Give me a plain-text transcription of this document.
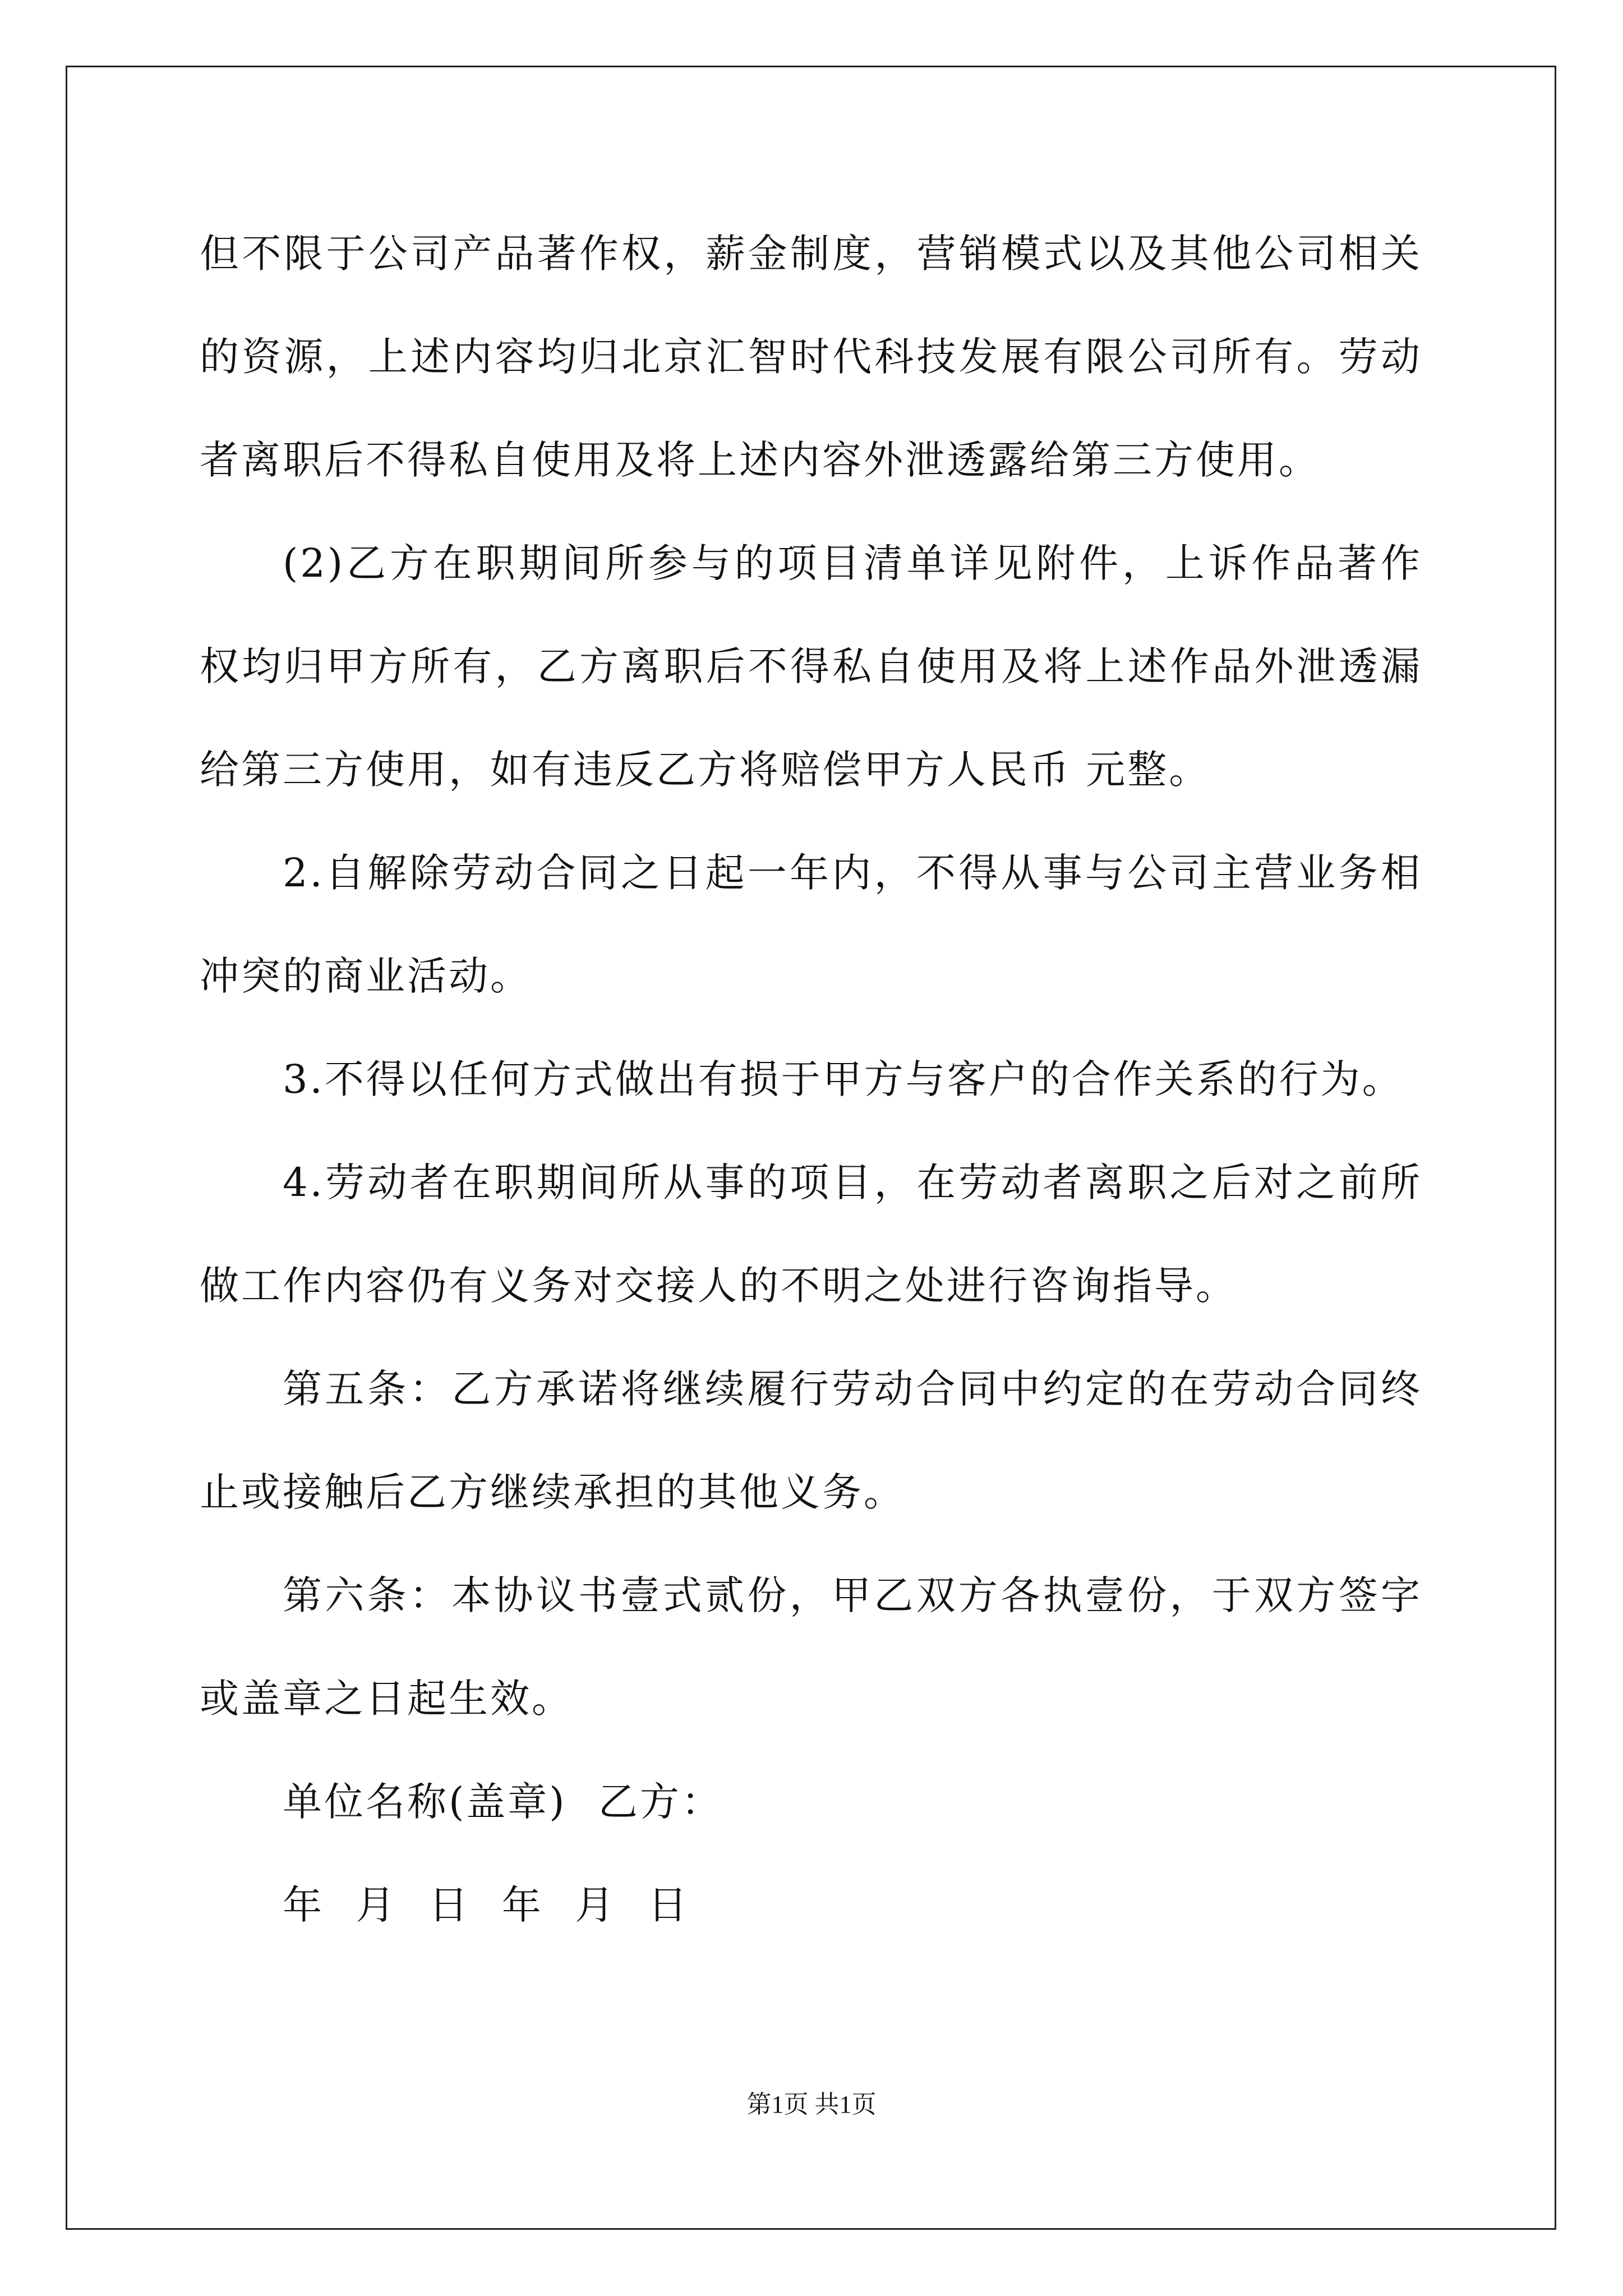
但不限于公司产品著作权，薪金制度，营销模式以及其他公司相关的资源，上述内容均归北京汇智时代科技发展有限公司所有。劳动者离职后不得私自使用及将上述内容外泄透露给第三方使用。

(2)乙方在职期间所参与的项目清单详见附件，上诉作品著作权均归甲方所有，乙方离职后不得私自使用及将上述作品外泄透漏给第三方使用，如有违反乙方将赔偿甲方人民币 元整。

2.自解除劳动合同之日起一年内，不得从事与公司主营业务相冲突的商业活动。

3.不得以任何方式做出有损于甲方与客户的合作关系的行为。

4.劳动者在职期间所从事的项目，在劳动者离职之后对之前所做工作内容仍有义务对交接人的不明之处进行咨询指导。

第五条：乙方承诺将继续履行劳动合同中约定的在劳动合同终止或接触后乙方继续承担的其他义务。

第六条：本协议书壹式贰份，甲乙双方各执壹份，于双方签字或盖章之日起生效。

单位名称(盖章) 乙方：

年 月 日 年 月 日

第1页 共1页
